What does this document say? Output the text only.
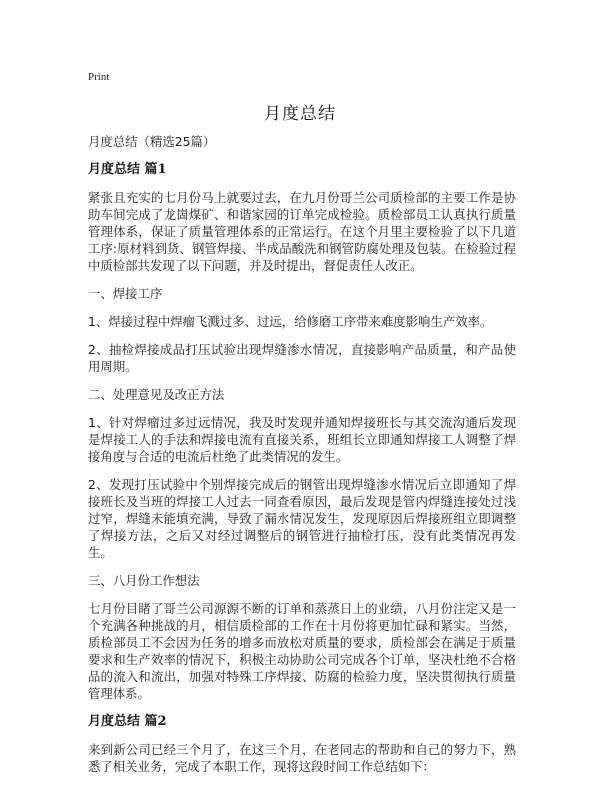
Print
月度总结

月度总结（精选25篇）

月度总结 篇1

紧张且充实的七月份马上就要过去，在九月份哥兰公司质检部的主要工作是协助车间完成了龙崮煤矿、和谐家园的订单完成检验。质检部员工认真执行质量管理体系，保证了质量管理体系的正常运行。在这个月里主要检验了以下几道工序:原材料到货、钢管焊接、半成品酸洗和钢管防腐处理及包装。在检验过程中质检部共发现了以下问题，并及时提出，督促责任人改正。

一、焊接工序

1、焊接过程中焊瘤飞溅过多、过远，给修磨工序带来难度影响生产效率。

2、抽检焊接成品打压试验出现焊缝渗水情况，直接影响产品质量，和产品使用周期。

二、处理意见及改正方法

1、针对焊瘤过多过远情况，我及时发现并通知焊接班长与其交流沟通后发现是焊接工人的手法和焊接电流有直接关系，班组长立即通知焊接工人调整了焊接角度与合适的电流后杜绝了此类情况的发生。

2、发现打压试验中个别焊接完成后的钢管出现焊缝渗水情况后立即通知了焊接班长及当班的焊接工人过去一同查看原因，最后发现是管内焊缝连接处过浅过窄，焊缝未能填充满，导致了漏水情况发生，发现原因后焊接班组立即调整了焊接方法，之后又对经过调整后的钢管进行抽检打压，没有此类情况再发生。

三、八月份工作想法

七月份目睹了哥兰公司源源不断的订单和蒸蒸日上的业绩，八月份注定又是一个充满各种挑战的月，相信质检部的工作在十月份将更加忙碌和紧实。当然，质检部员工不会因为任务的增多而放松对质量的要求，质检部会在满足于质量要求和生产效率的情况下，积极主动协助公司完成各个订单，坚决杜绝不合格品的流入和流出，加强对特殊工序焊接、防腐的检验力度，坚决贯彻执行质量管理体系。

月度总结 篇2

来到新公司已经三个月了，在这三个月，在老同志的帮助和自己的努力下，熟悉了相关业务，完成了本职工作，现将这段时间工作总结如下：
